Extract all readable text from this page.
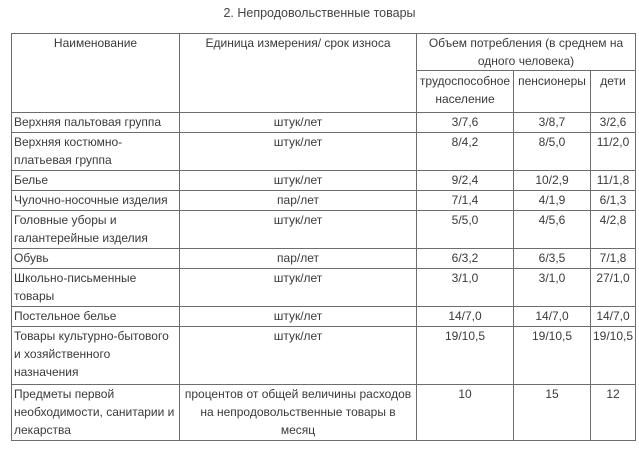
2. Непродовольственные товары
Наименование	Единица измерения/ срок износа	Объем потребления (в среднем на одного человека)		
		трудоспособное население	пенсионеры	дети
Верхняя пальтовая группа	штук/лет	3/7,6	3/8,7	3/2,6
Верхняя костюмно-платьевая группа	штук/лет	8/4,2	8/5,0	11/2,0
Белье	штук/лет	9/2,4	10/2,9	11/1,8
Чулочно-носочные изделия	пар/лет	7/1,4	4/1,9	6/1,3
Головные уборы и галантерейные изделия	штук/лет	5/5,0	4/5,6	4/2,8
Обувь	пар/лет	6/3,2	6/3,5	7/1,8
Школьно-письменные товары	штук/лет	3/1,0	3/1,0	27/1,0
Постельное белье	штук/лет	14/7,0	14/7,0	14/7,0
Товары культурно-бытового и хозяйственного назначения	штук/лет	19/10,5	19/10,5	19/10,5
Предметы первой необходимости, санитарии и лекарства	процентов от общей величины расходов на непродовольственные товары в месяц	10	15	12
